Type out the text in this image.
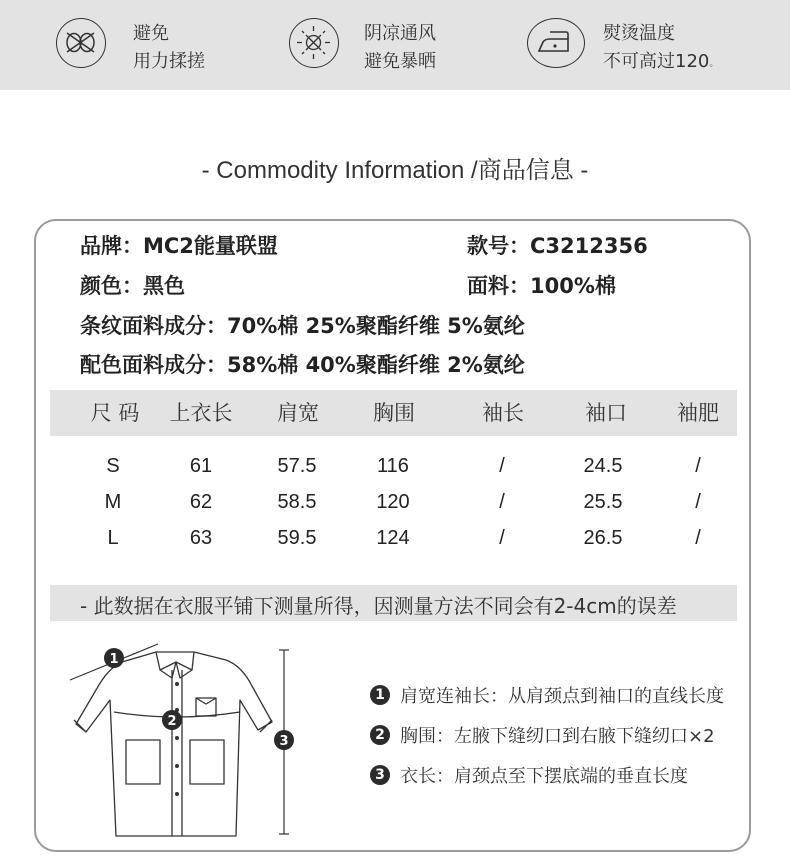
避免
用力揉搓
阴凉通风
避免暴晒
熨烫温度
不可高过120。
- Commodity Information /商品信息 -
品牌：MC2能量联盟	款号：C3212356
颜色：黑色	面料：100%棉
条纹面料成分：70%棉 25%聚酯纤维 5%氨纶
配色面料成分：58%棉 40%聚酯纤维 2%氨纶
尺 码	上衣长	肩宽	胸围	袖长	袖口	袖肥
S	61	57.5	116	/	24.5	/
M	62	58.5	120	/	25.5	/
L	63	59.5	124	/	26.5	/
- 此数据在衣服平铺下测量所得，因测量方法不同会有2-4cm的误差
1
2
3
1 肩宽连袖长：从肩颈点到袖口的直线长度
2 胸围：左腋下缝纫口到右腋下缝纫口×2
3 衣长：肩颈点至下摆底端的垂直长度
